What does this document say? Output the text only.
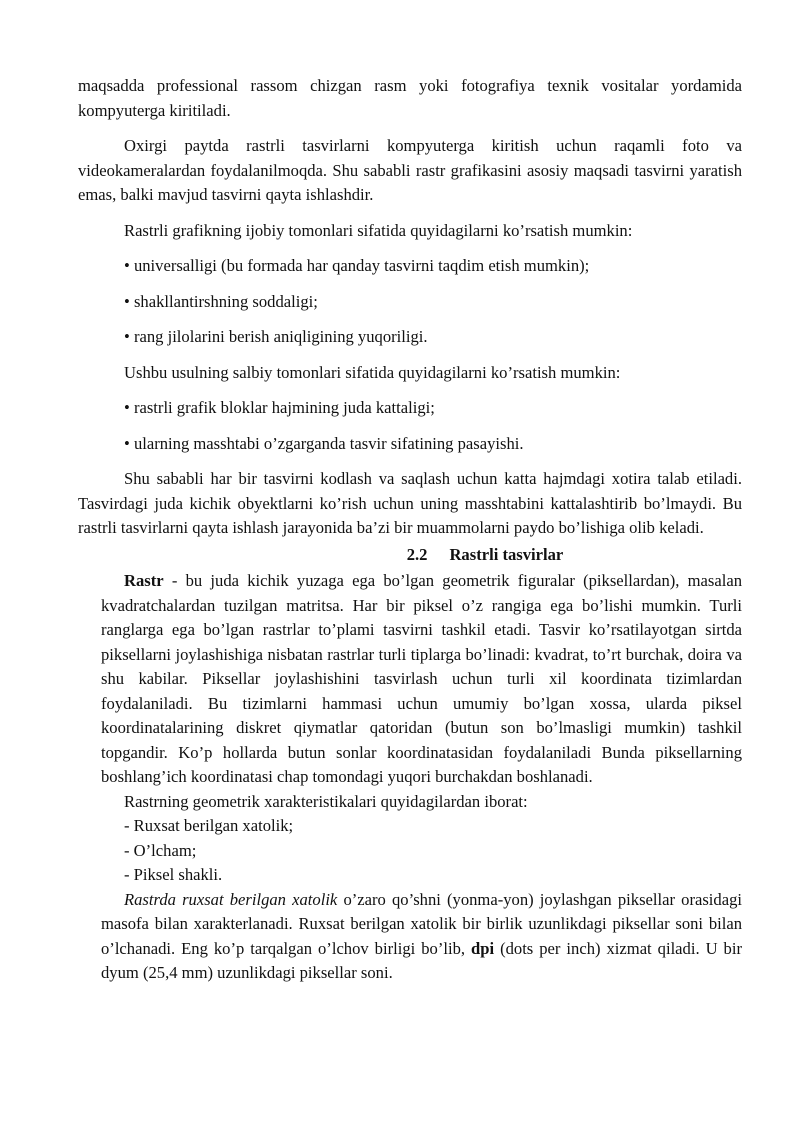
maqsadda professional rassom chizgan rasm yoki fotografiya texnik vositalar yordamida kompyuterga kiritiladi.

Oxirgi paytda rastrli tasvirlarni kompyuterga kiritish uchun raqamli foto va videokameralardan foydalanilmoqda. Shu sababli rastr grafikasini asosiy maqsadi tasvirni yaratish emas, balki mavjud tasvirni qayta ishlashdir.

Rastrli grafikning ijobiy tomonlari sifatida quyidagilarni ko’rsatish mumkin:

• universalligi (bu formada har qanday tasvirni taqdim etish mumkin);

• shakllantirshning soddaligi;

• rang jilolarini berish aniqligining yuqoriligi.

Ushbu usulning salbiy tomonlari sifatida quyidagilarni ko’rsatish mumkin:

• rastrli grafik bloklar hajmining juda kattaligi;

• ularning masshtabi o’zgarganda tasvir sifatining pasayishi.

Shu sababli har bir tasvirni kodlash va saqlash uchun katta hajmdagi xotira talab etiladi. Tasvirdagi juda kichik obyektlarni ko’rish uchun uning masshtabini kattalashtirib bo’lmaydi. Bu rastrli tasvirlarni qayta ishlash jarayonida ba’zi bir muammolarni paydo bo’lishiga olib keladi.

2.2 Rastrli tasvirlar

Rastr - bu juda kichik yuzaga ega bo’lgan geometrik figuralar (piksellardan), masalan kvadratchalardan tuzilgan matritsa. Har bir piksel o’z rangiga ega bo’lishi mumkin. Turli ranglarga ega bo’lgan rastrlar to’plami tasvirni tashkil etadi. Tasvir ko’rsatilayotgan sirtda piksellarni joylashishiga nisbatan rastrlar turli tiplarga bo’linadi: kvadrat, to’rt burchak, doira va shu kabilar. Piksellar joylashishini tasvirlash uchun turli xil koordinata tizimlardan foydalaniladi. Bu tizimlarni hammasi uchun umumiy bo’lgan xossa, ularda piksel koordinatalarining diskret qiymatlar qatoridan (butun son bo’lmasligi mumkin) tashkil topgandir. Ko’p hollarda butun sonlar koordinatasidan foydalaniladi Bunda piksellarning boshlang’ich koordinatasi chap tomondagi yuqori burchakdan boshlanadi.

Rastrning geometrik xarakteristikalari quyidagilardan iborat:

- Ruxsat berilgan xatolik;

- O’lcham;

- Piksel shakli.

Rastrda ruxsat berilgan xatolik o’zaro qo’shni (yonma-yon) joylashgan piksellar orasidagi masofa bilan xarakterlanadi. Ruxsat berilgan xatolik bir birlik uzunlikdagi piksellar soni bilan o’lchanadi. Eng ko’p tarqalgan o’lchov birligi bo’lib, dpi (dots per inch) xizmat qiladi. U bir dyum (25,4 mm) uzunlikdagi piksellar soni.
